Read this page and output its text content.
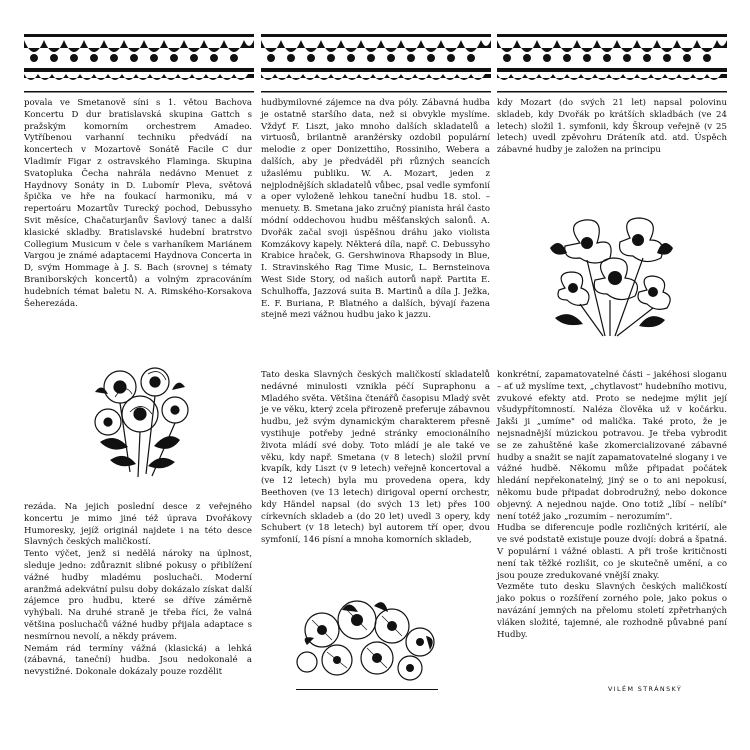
povala ve Smetanově síni s 1. větou Bachova Koncertu D dur bratislavská skupina Gattch s pražským komorním orchestrem Amadeo. Vytříbenou varhanní techniku předvádí na koncertech v Mozartově Sonátě Facile C dur Vladimír Figar z ostravského Flaminga. Skupina Svatopluka Čecha nahrála nedávno Menuet z Haydnovy Sonáty in D. Lubomír Pleva, světová špička ve hře na foukací harmoniku, má v repertoáru Mozartův Turecký pochod, Debussyho Svit měsíce, Chačaturjanův Šavlový tanec a další klasické skladby. Bratislavské hudební bratrstvo Collegium Musicum v čele s varhaníkem Mariánem Vargou je známé adaptacemi Haydnova Concerta in D, svým Hommage à J. S. Bach (srovnej s tématy Braniborských koncertů) a volným zpracováním hudebních témat baletu N. A. Rimského-Korsakova Šeherezáda.

rezáda. Na jejich poslední desce z veřejného koncertu je mimo jiné též úprava Dvořákovy Humoresky, jejíž originál najdete i na této desce Slavných českých maličkostí.

Tento výčet, jenž si nedělá nároky na úplnost, sleduje jedno: zdůraznit slibné pokusy o přiblížení vážné hudby mladému posluchači. Moderní aranžmá adekvátní pulsu doby dokázalo získat další zájemce pro hudbu, které se dříve záměrně vyhýbali. Na druhé straně je třeba říci, že valná většina posluchačů vážné hudby přijala adaptace s nesmírnou nevolí, a někdy právem.

Nemám rád termíny vážná (klasická) a lehká (zábavná, taneční) hudba. Jsou nedokonalé a nevystižné. Dokonale dokázaly pouze rozdělit

hudbymilovné zájemce na dva póly. Zábavná hudba je ostatně staršího data, než si obvykle myslíme. Vždyť F. Liszt, jako mnoho dalších skladatelů a virtuosů, brilantně aranžérsky ozdobil populární melodie z oper Donizettiho, Rossiniho, Webera a dalších, aby je předváděl při různých seancích užaslému publiku. W. A. Mozart, jeden z nejplodnějších skladatelů vůbec, psal vedle symfonií a oper vyloženě lehkou taneční hudbu 18. stol. – menuety. B. Smetana jako zručný pianista hrál často módní oddechovou hudbu měšťanských salonů. A. Dvořák začal svoji úspěšnou dráhu jako violista Komzákovy kapely. Některá díla, např. C. Debussyho Krabice hraček, G. Gershwinova Rhapsody in Blue, I. Stravinského Rag Time Music, L. Bernsteinova West Side Story, od našich autorů např. Partita E. Schulhoffa, Jazzová suita B. Martinů a díla J. Ježka, E. F. Buriana, P. Blatného a dalších, bývají řazena stejně mezi vážnou hudbu jako k jazzu.

Tato deska Slavných českých maličkostí skladatelů nedávné minulosti vznikla péčí Supraphonu a Mladého světa. Většina čtenářů časopisu Mladý svět je ve věku, který zcela přirozeně preferuje zábavnou hudbu, jež svým dynamickým charakterem přesně vystihuje potřeby jedné stránky emocionálního života mládí své doby. Toto mládí je ale také ve věku, kdy např. Smetana (v 8 letech) složil první kvapík, kdy Liszt (v 9 letech) veřejně koncertoval a (ve 12 letech) byla mu provedena opera, kdy Beethoven (ve 13 letech) dirigoval operní orchestr, kdy Händel napsal (do svých 13 let) přes 100 církevních skladeb a (do 20 let) uvedl 3 opery, kdy Schubert (v 18 letech) byl autorem tří oper, dvou symfonií, 146 písní a mnoha komorních skladeb,

kdy Mozart (do svých 21 let) napsal polovinu skladeb, kdy Dvořák po krátších skladbách (ve 24 letech) složil 1. symfonii, kdy Škroup veřejně (v 25 letech) uvedl zpěvohru Dráteník atd. atd. Úspěch zábavné hudby je založen na principu

konkrétní, zapamatovatelné části – jakéhosi sloganu – ať už myslíme text, „chytlavost" hudebního motivu, zvukové efekty atd. Proto se nedejme mýlit její všudypřítomností. Naléza člověka už v kočárku. Jakši ji „umíme" od malička. Také proto, že je nejsnadnější múzickou potravou. Je třeba vybrodit se ze zahuštěné kaše zkomercializované zábavné hudby a snažit se najít zapamatovatelné slogany i ve vážné hudbě. Někomu může připadat počátek hledání nepřekonatelný, jiný se o to ani nepokusí, někomu bude připadat dobrodružný, nebo dokonce objevný. A nejednou najde. Ono totiž „líbí – nelíbí" není totéž jako „rozumím – nerozumím".

Hudba se diferencuje podle rozličných kritérií, ale ve své podstatě existuje pouze dvojí: dobrá a špatná. V populární i vážné oblasti. A při troše kritičnosti není tak těžké rozlišit, co je skutečně umění, a co jsou pouze zredukované vnější znaky.

Vezměte tuto desku Slavných českých maličkostí jako pokus o rozšíření zorného pole, jako pokus o navázání jemných na přelomu století zpřetrhaných vláken složité, tajemné, ale rozhodně půvabné paní Hudby.

VILÉM STRÁNSKÝ
